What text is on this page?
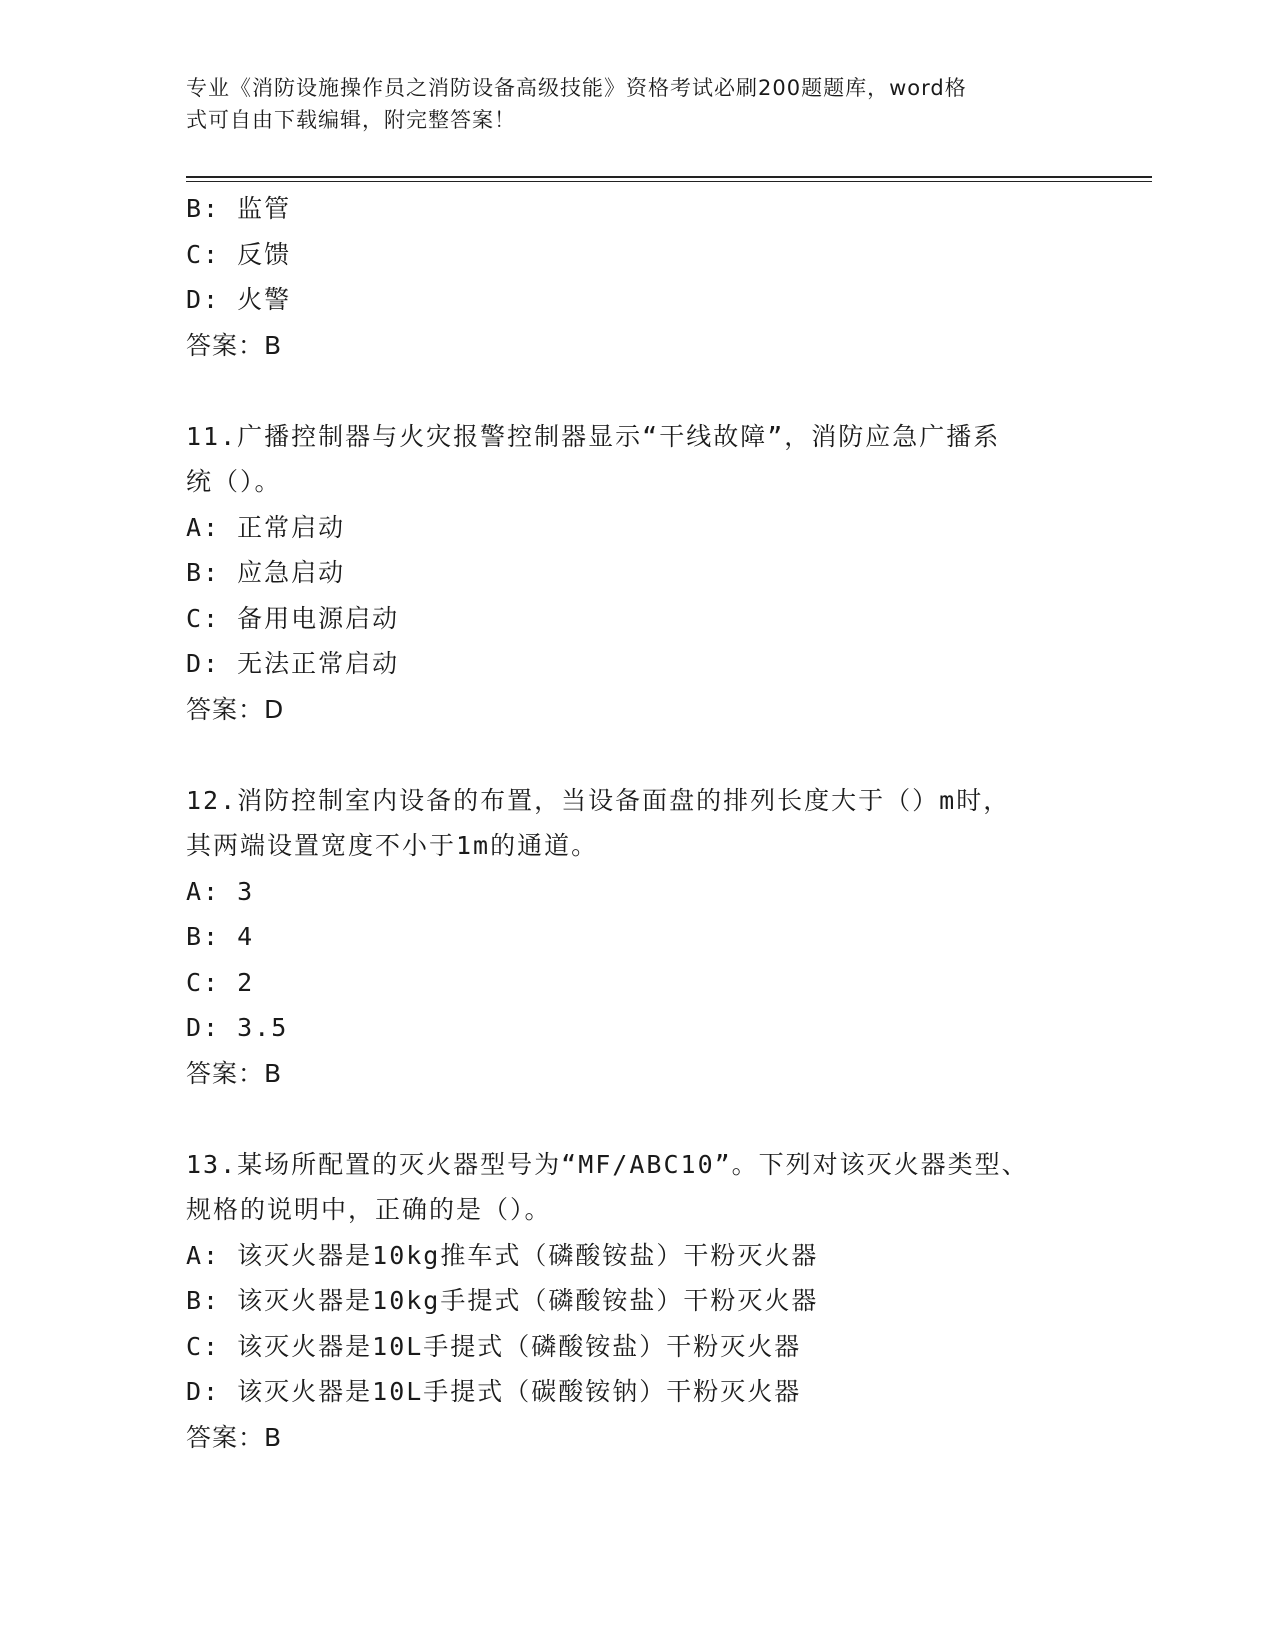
专业《消防设施操作员之消防设备高级技能》资格考试必刷200题题库，word格
式可自由下载编辑，附完整答案！
B: 监管
C: 反馈
D: 火警
答案：B
11.广播控制器与火灾报警控制器显示“干线故障”，消防应急广播系
统（）。
A: 正常启动
B: 应急启动
C: 备用电源启动
D: 无法正常启动
答案：D
12.消防控制室内设备的布置，当设备面盘的排列长度大于（）m时，
其两端设置宽度不小于1m的通道。
A: 3
B: 4
C: 2
D: 3.5
答案：B
13.某场所配置的灭火器型号为“MF/ABC10”。下列对该灭火器类型、
规格的说明中，正确的是（）。
A: 该灭火器是10kg推车式（磷酸铵盐）干粉灭火器
B: 该灭火器是10kg手提式（磷酸铵盐）干粉灭火器
C: 该灭火器是10L手提式（磷酸铵盐）干粉灭火器
D: 该灭火器是10L手提式（碳酸铵钠）干粉灭火器
答案：B
